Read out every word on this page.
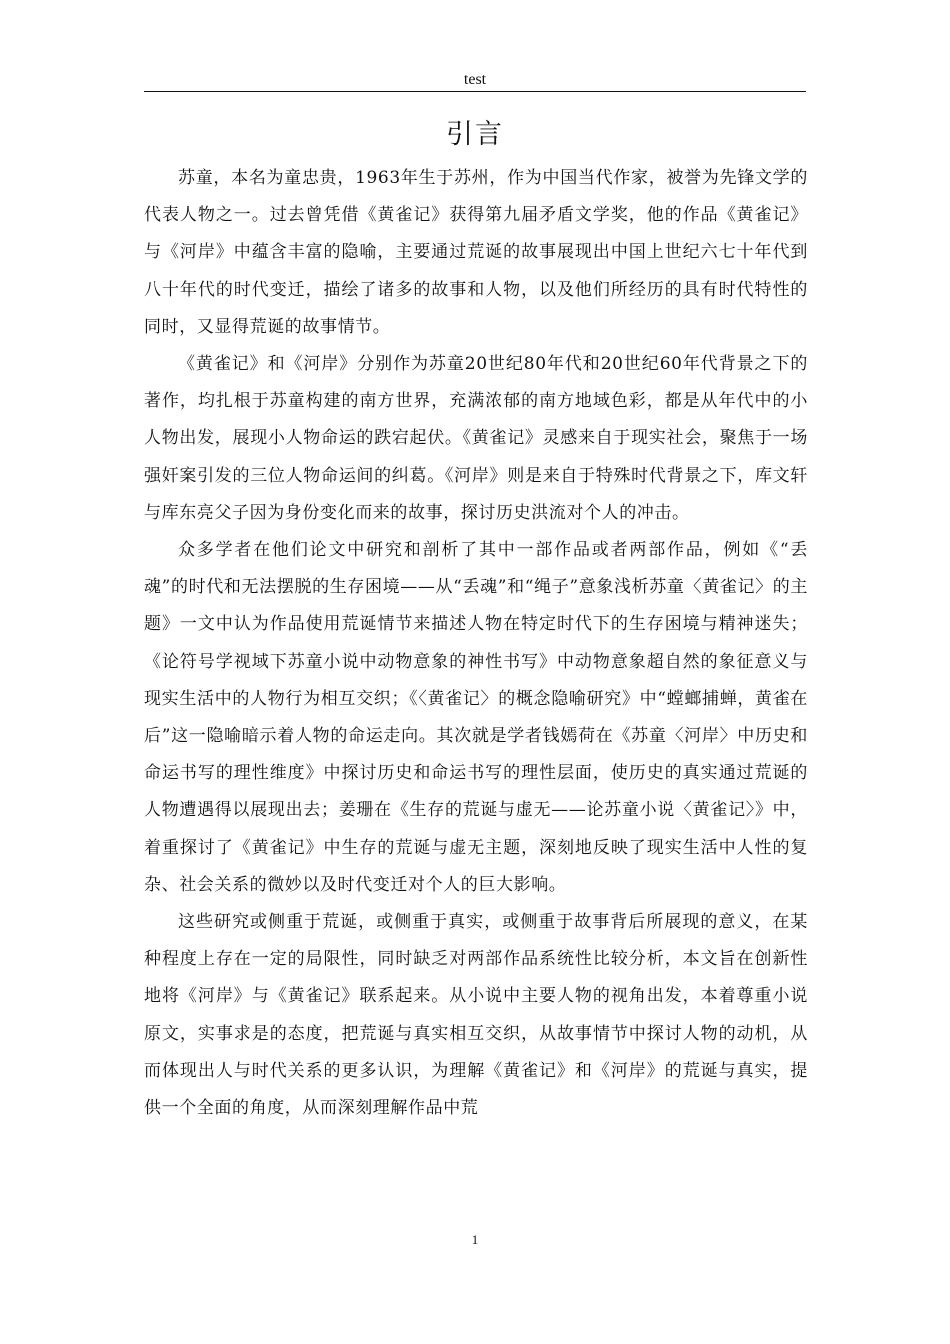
test
引言

苏童，本名为童忠贵，1963年生于苏州，作为中国当代作家，被誉为先锋文学的代表人物之一。过去曾凭借《黄雀记》获得第九届矛盾文学奖，他的作品《黄雀记》与《河岸》中蕴含丰富的隐喻，主要通过荒诞的故事展现出中国上世纪六七十年代到八十年代的时代变迁，描绘了诸多的故事和人物，以及他们所经历的具有时代特性的同时，又显得荒诞的故事情节。

《黄雀记》和《河岸》分别作为苏童20世纪80年代和20世纪60年代背景之下的著作，均扎根于苏童构建的南方世界，充满浓郁的南方地域色彩，都是从年代中的小人物出发，展现小人物命运的跌宕起伏。《黄雀记》灵感来自于现实社会，聚焦于一场强奸案引发的三位人物命运间的纠葛。《河岸》则是来自于特殊时代背景之下，库文轩与库东亮父子因为身份变化而来的故事，探讨历史洪流对个人的冲击。

众多学者在他们论文中研究和剖析了其中一部作品或者两部作品，例如《“丢魂”的时代和无法摆脱的生存困境——从“丢魂”和“绳子”意象浅析苏童〈黄雀记〉的主题》一文中认为作品使用荒诞情节来描述人物在特定时代下的生存困境与精神迷失；《论符号学视域下苏童小说中动物意象的神性书写》中动物意象超自然的象征意义与现实生活中的人物行为相互交织；《〈黄雀记〉的概念隐喻研究》中“螳螂捕蝉，黄雀在后”这一隐喻暗示着人物的命运走向。其次就是学者钱嫣荷在《苏童〈河岸〉中历史和命运书写的理性维度》中探讨历史和命运书写的理性层面，使历史的真实通过荒诞的人物遭遇得以展现出去；姜珊在《生存的荒诞与虚无——论苏童小说〈黄雀记〉》中，着重探讨了《黄雀记》中生存的荒诞与虚无主题，深刻地反映了现实生活中人性的复杂、社会关系的微妙以及时代变迁对个人的巨大影响。

这些研究或侧重于荒诞，或侧重于真实，或侧重于故事背后所展现的意义，在某种程度上存在一定的局限性，同时缺乏对两部作品系统性比较分析，本文旨在创新性地将《河岸》与《黄雀记》联系起来。从小说中主要人物的视角出发，本着尊重小说原文，实事求是的态度，把荒诞与真实相互交织，从故事情节中探讨人物的动机，从而体现出人与时代关系的更多认识，为理解《黄雀记》和《河岸》的荒诞与真实，提供一个全面的角度，从而深刻理解作品中荒

1
